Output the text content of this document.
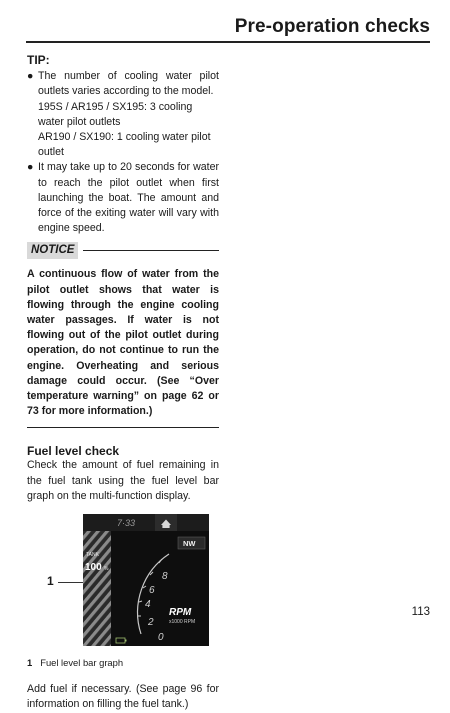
Pre-operation checks
TIP:
● The number of cooling water pilot outlets varies according to the model.
195S / AR195 / SX195: 3 cooling water pilot outlets
AR190 / SX190: 1 cooling water pilot outlet
● It may take up to 20 seconds for water to reach the pilot outlet when first launching the boat. The amount and force of the exiting water will vary with engine speed.
NOTICE
A continuous flow of water from the pilot outlet shows that water is flowing through the engine cooling water passages. If water is not flowing out of the pilot outlet during operation, do not continue to run the engine. Overheating and serious damage could occur. (See “Over temperature warning” on page 62 or 73 for more information.)
Fuel level check
Check the amount of fuel remaining in the fuel tank using the fuel level bar graph on the multi-function display.
1
7·33
TANK
100 %
8
6
4
2
0
NW
RPM
x1000 RPM
1 Fuel level bar graph
Add fuel if necessary. (See page 96 for information on filling the fuel tank.)
113
